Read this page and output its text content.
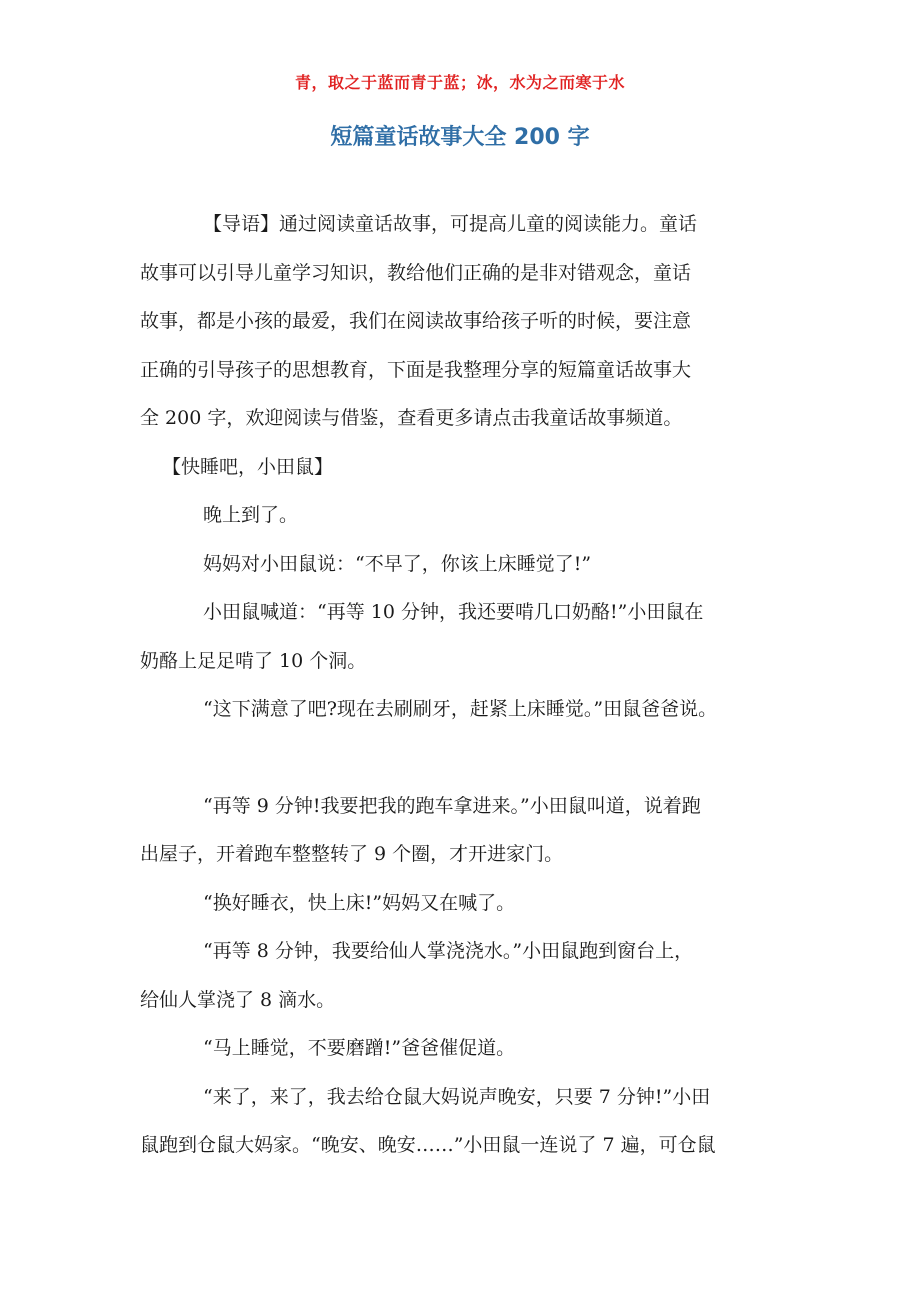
青，取之于蓝而青于蓝；冰，水为之而寒于水
短篇童话故事大全 200 字

【导语】通过阅读童话故事，可提高儿童的阅读能力。童话
故事可以引导儿童学习知识，教给他们正确的是非对错观念，童话
故事，都是小孩的最爱，我们在阅读故事给孩子听的时候，要注意
正确的引导孩子的思想教育，下面是我整理分享的短篇童话故事大
全 200 字，欢迎阅读与借鉴，查看更多请点击我童话故事频道。

【快睡吧，小田鼠】

晚上到了。

妈妈对小田鼠说：“不早了，你该上床睡觉了!”

小田鼠喊道：“再等 10 分钟，我还要啃几口奶酪!”小田鼠在
奶酪上足足啃了 10 个洞。

“这下满意了吧?现在去刷刷牙，赶紧上床睡觉。”田鼠爸爸说。

“再等 9 分钟!我要把我的跑车拿进来。”小田鼠叫道，说着跑
出屋子，开着跑车整整转了 9 个圈，才开进家门。

“换好睡衣，快上床!”妈妈又在喊了。

“再等 8 分钟，我要给仙人掌浇浇水。”小田鼠跑到窗台上，
给仙人掌浇了 8 滴水。

“马上睡觉，不要磨蹭!”爸爸催促道。

“来了，来了，我去给仓鼠大妈说声晚安，只要 7 分钟!”小田
鼠跑到仓鼠大妈家。“晚安、晚安……”小田鼠一连说了 7 遍，可仓鼠
